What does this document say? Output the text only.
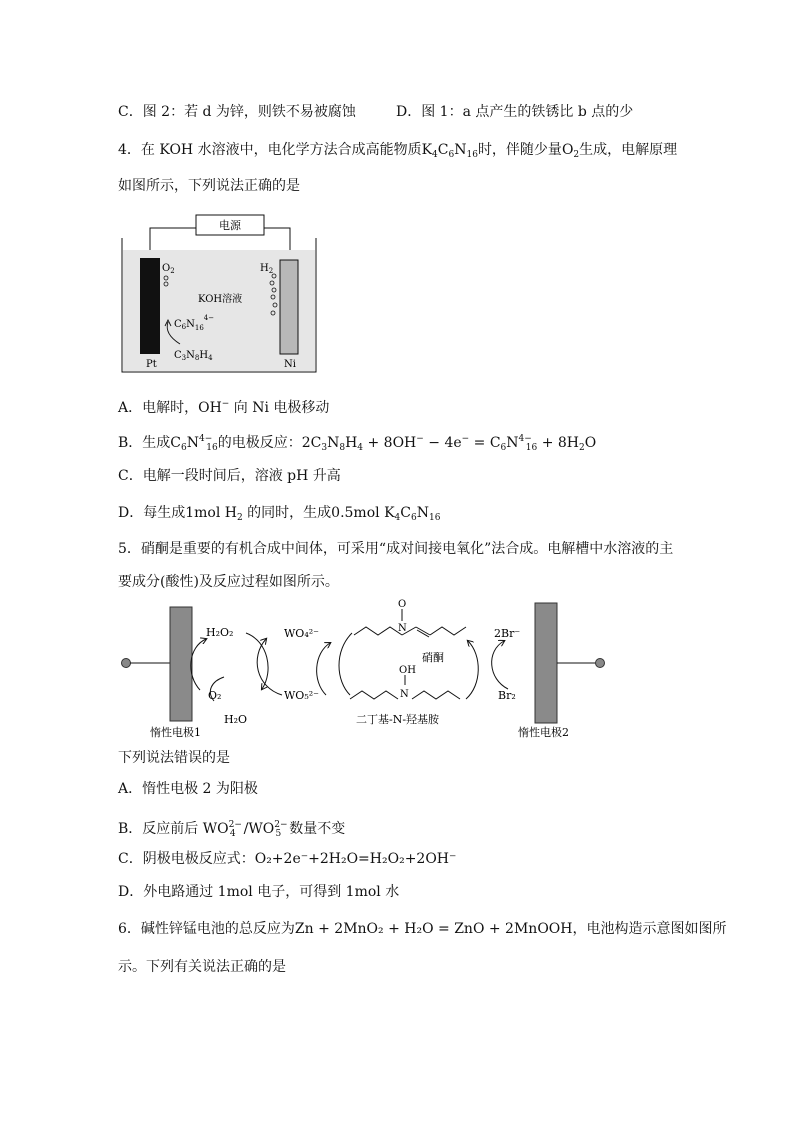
C．图 2：若 d 为锌，则铁不易被腐蚀	D．图 1：a 点产生的铁锈比 b 点的少
4．在 KOH 水溶液中，电化学方法合成高能物质$K_4C_6N_{16}$时，伴随少量$O_2$生成，电解原理
如图所示，下列说法正确的是
电源
$O_2$	$H_2$
KOH溶液
$C_6N_{16}^{4-}$
$C_3N_8H_4$
Pt	Ni
A．电解时，OH− 向 Ni 电极移动
B．生成$C_6N^{4-}_{16}$的电极反应：$2C_3N_8H_4 + 8OH^- - 4e^- = C_6N^{4-}_{16} + 8H_2O$
C．电解一段时间后，溶液 pH 升高
D．每生成1mol $H_2$ 的同时，生成0.5mol $K_4C_6N_{16}$
5．硝酮是重要的有机合成中间体，可采用“成对间接电氧化”法合成。电解槽中水溶液的主
要成分(酸性)及反应过程如图所示。
H₂O₂
O₂
H₂O
WO₄²⁻
WO₅²⁻
2Br⁻
Br₂
O
N
硝酮
OH
N
二丁基-N-羟基胺
惰性电极1	惰性电极2
下列说法错误的是
A．惰性电极 2 为阳极
B．反应前后 $WO^{2-}_4$ $/WO^{2-}_5$ 数量不变
C．阴极电极反应式：O₂+2e⁻+2H₂O=H₂O₂+2OH⁻
D．外电路通过 1mol 电子，可得到 1mol 水
6．碱性锌锰电池的总反应为Zn + 2MnO₂ + H₂O = ZnO + 2MnOOH，电池构造示意图如图所
示。下列有关说法正确的是
